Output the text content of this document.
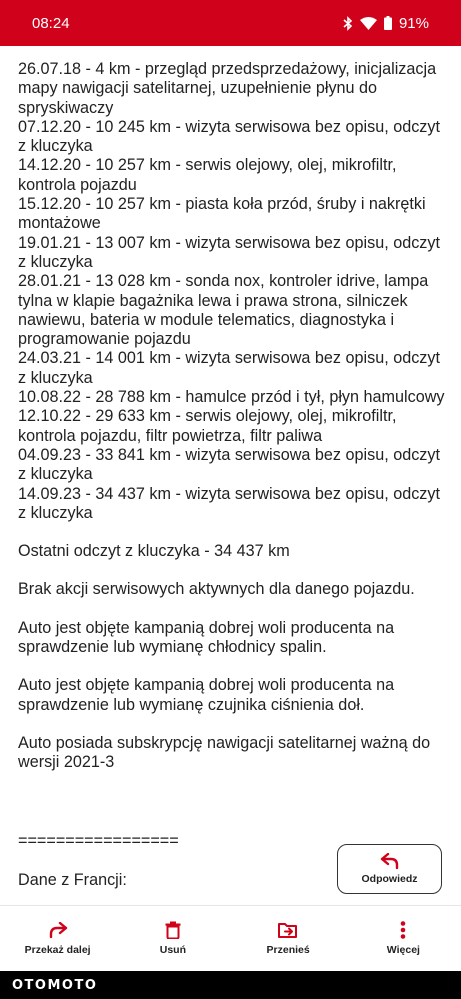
08:24	91%
26.07.18 - 4 km - przegląd przedsprzedażowy, inicjalizacja mapy nawigacji satelitarnej, uzupełnienie płynu do spryskiwaczy
07.12.20 - 10 245 km - wizyta serwisowa bez opisu, odczyt z kluczyka
14.12.20 - 10 257 km - serwis olejowy, olej, mikrofiltr, kontrola pojazdu
15.12.20 - 10 257 km - piasta koła przód, śruby i nakrętki montażowe
19.01.21 - 13 007 km - wizyta serwisowa bez opisu, odczyt z kluczyka
28.01.21 - 13 028 km - sonda nox, kontroler idrive, lampa tylna w klapie bagażnika lewa i prawa strona, silniczek nawiewu, bateria w module telematics, diagnostyka i programowanie pojazdu
24.03.21 - 14 001 km - wizyta serwisowa bez opisu, odczyt z kluczyka
10.08.22 - 28 788 km - hamulce przód i tył, płyn hamulcowy
12.10.22 - 29 633 km - serwis olejowy, olej, mikrofiltr, kontrola pojazdu, filtr powietrza, filtr paliwa
04.09.23 - 33 841 km - wizyta serwisowa bez opisu, odczyt z kluczyka
14.09.23 - 34 437 km - wizyta serwisowa bez opisu, odczyt z kluczyka

Ostatni odczyt z kluczyka - 34 437 km

Brak akcji serwisowych aktywnych dla danego pojazdu.

Auto jest objęte kampanią dobrej woli producenta na sprawdzenie lub wymianę chłodnicy spalin.

Auto jest objęte kampanią dobrej woli producenta na sprawdzenie lub wymianę czujnika ciśnienia doł.

Auto posiada subskrypcję nawigacji satelitarnej ważną do wersji 2021-3

=================
Dane z Francji:	Odpowiedz
Przekaż dalej	Usuń	Przenieś	Więcej
OTOMOTO
